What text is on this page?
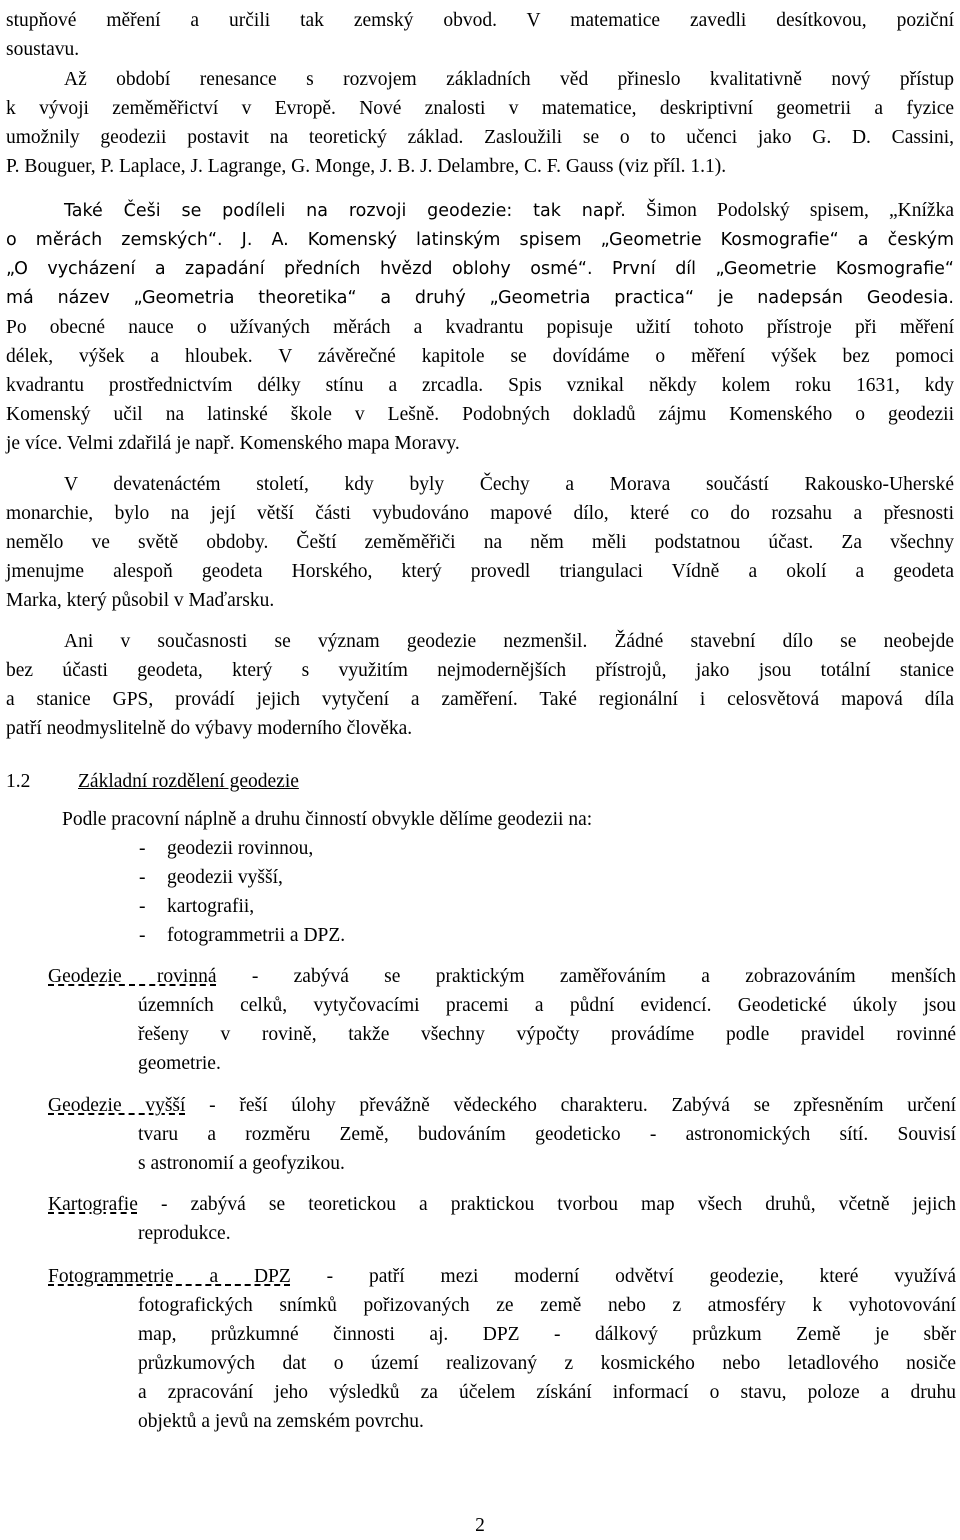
stupňové měření a určili tak zemský obvod. V matematice zavedli desítkovou, poziční
soustavu.
Až období renesance s rozvojem základních věd přineslo kvalitativně nový přístup
k vývoji zeměměřictví v Evropě. Nové znalosti v matematice, deskriptivní geometrii a fyzice
umožnily geodezii postavit na teoretický základ. Zasloužili se o to učenci jako G. D. Cassini,
P. Bouguer, P. Laplace, J. Lagrange, G. Monge, J. B. J. Delambre, C. F. Gauss (viz příl. 1.1).
Také Češi se podíleli na rozvoji geodezie: tak např. Šimon Podolský spisem, „Knížka
o měrách zemských“. J. A. Komenský latinským spisem „Geometrie Kosmografie“ a českým
„O vycházení a zapadání předních hvězd oblohy osmé“. První díl „Geometrie Kosmografie“
má název „Geometria theoretika“ a druhý „Geometria practica“ je nadepsán Geodesia.
Po obecné nauce o užívaných měrách a kvadrantu popisuje užití tohoto přístroje při měření
délek, výšek a hloubek. V závěrečné kapitole se dovídáme o měření výšek bez pomoci
kvadrantu prostřednictvím délky stínu a zrcadla. Spis vznikal někdy kolem roku 1631, kdy
Komenský učil na latinské škole v Lešně. Podobných dokladů zájmu Komenského o geodezii
je více. Velmi zdařilá je např. Komenského mapa Moravy.
V devatenáctém století, kdy byly Čechy a Morava součástí Rakousko-Uherské
monarchie, bylo na její větší části vybudováno mapové dílo, které co do rozsahu a přesnosti
nemělo ve světě obdoby. Čeští zeměměřiči na něm měli podstatnou účast. Za všechny
jmenujme alespoň geodeta Horského, který provedl triangulaci Vídně a okolí a geodeta
Marka, který působil v Maďarsku.
Ani v současnosti se význam geodezie nezmenšil. Žádné stavební dílo se neobejde
bez účasti geodeta, který s využitím nejmodernějších přístrojů, jako jsou totální stanice
a stanice GPS, provádí jejich vytyčení a zaměření. Také regionální i celosvětová mapová díla
patří neodmyslitelně do výbavy moderního člověka.
1.2 Základní rozdělení geodezie
Podle pracovní náplně a druhu činností obvykle dělíme geodezii na:
- geodezii rovinnou,
- geodezii vyšší,
- kartografii,
- fotogrammetrii a DPZ.
Geodezie rovinná - zabývá se praktickým zaměřováním a zobrazováním menších
územních celků, vytyčovacími pracemi a půdní evidencí. Geodetické úkoly jsou
řešeny v rovině, takže všechny výpočty provádíme podle pravidel rovinné
geometrie.
Geodezie vyšší - řeší úlohy převážně vědeckého charakteru. Zabývá se zpřesněním určení
tvaru a rozměru Země, budováním geodeticko - astronomických sítí. Souvisí
s astronomií a geofyzikou.
Kartografie - zabývá se teoretickou a praktickou tvorbou map všech druhů, včetně jejich
reprodukce.
Fotogrammetrie a DPZ - patří mezi moderní odvětví geodezie, které využívá
fotografických snímků pořizovaných ze země nebo z atmosféry k vyhotovování
map, průzkumné činnosti aj. DPZ - dálkový průzkum Země je sběr
průzkumových dat o území realizovaný z kosmického nebo letadlového nosiče
a zpracování jeho výsledků za účelem získání informací o stavu, poloze a druhu
objektů a jevů na zemském povrchu.
2
